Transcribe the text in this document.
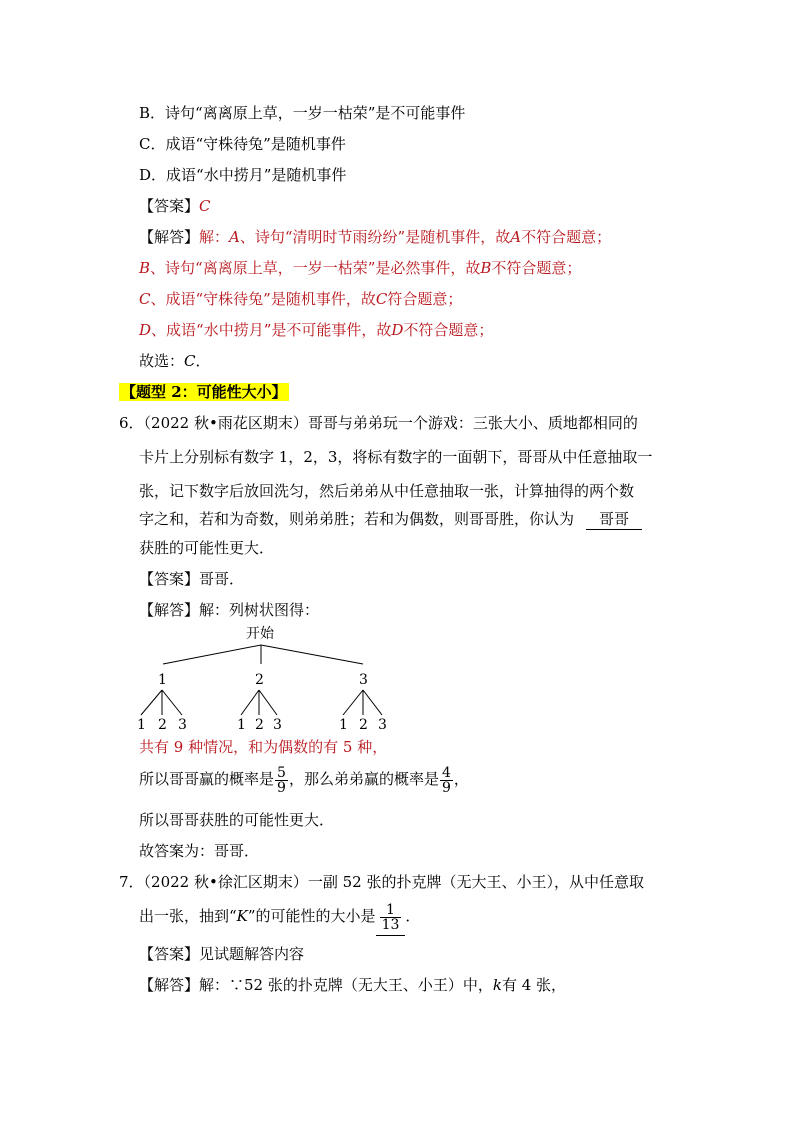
B．诗句“离离原上草，一岁一枯荣”是不可能事件
C．成语“守株待兔”是随机事件
D．成语“水中捞月”是随机事件
【答案】C
【解答】解：A、诗句“清明时节雨纷纷”是随机事件，故A不符合题意；
B、诗句“离离原上草，一岁一枯荣”是必然事件，故B不符合题意；
C、成语“守株待兔”是随机事件，故C符合题意；
D、成语“水中捞月”是不可能事件，故D不符合题意；
故选：C．
【题型 2：可能性大小】
6．（2022 秋•雨花区期末）哥哥与弟弟玩一个游戏：三张大小、质地都相同的
卡片上分别标有数字 1，2，3，将标有数字的一面朝下，哥哥从中任意抽取一
张，记下数字后放回洗匀，然后弟弟从中任意抽取一张，计算抽得的两个数
字之和，若和为奇数，则弟弟胜；若和为偶数，则哥哥胜，你认为 哥哥
获胜的可能性更大．
【答案】哥哥．
【解答】解：列树状图得：
开始
1	2	3
1 2 3	1 2 3	1 2 3
共有 9 种情况，和为偶数的有 5 种，
所以哥哥赢的概率是 $\frac{5}{9}$ ，那么弟弟赢的概率是 $\frac{4}{9}$ ，
所以哥哥获胜的可能性更大．
故答案为：哥哥．
7．（2022 秋•徐汇区期末）一副 52 张的扑克牌（无大王、小王），从中任意取
出一张，抽到“K”的可能性的大小是 $\frac{1}{13}$ ．
【答案】见试题解答内容
【解答】解：∵52 张的扑克牌（无大王、小王）中，k有 4 张，
